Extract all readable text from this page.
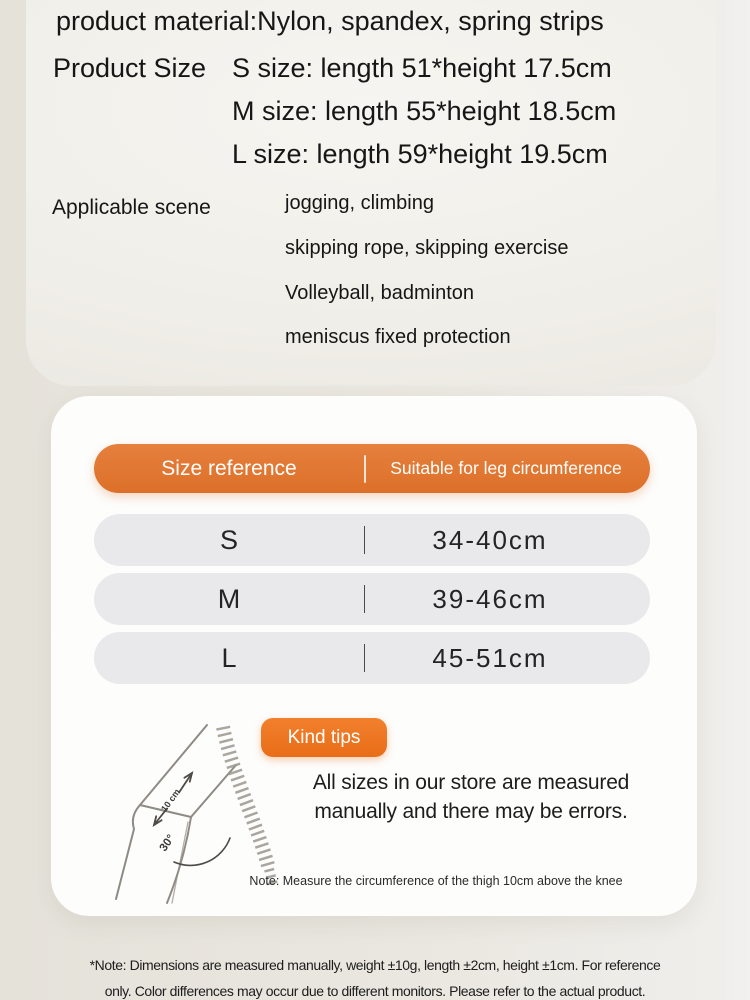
product material:Nylon, spandex, spring strips
Product Size S size: length 51*height 17.5cm
M size: length 55*height 18.5cm
L size: length 59*height 19.5cm
Applicable scene	jogging, climbing
skipping rope, skipping exercise
Volleyball, badminton
meniscus fixed protection
Size reference	Suitable for leg circumference
S	34-40cm
M	39-46cm
L	45-51cm
10 cm
30°
Kind tips
All sizes in our store are measured
manually and there may be errors.
Note: Measure the circumference of the thigh 10cm above the knee
*Note: Dimensions are measured manually, weight ±10g, length ±2cm, height ±1cm. For reference
only. Color differences may occur due to different monitors. Please refer to the actual product.
